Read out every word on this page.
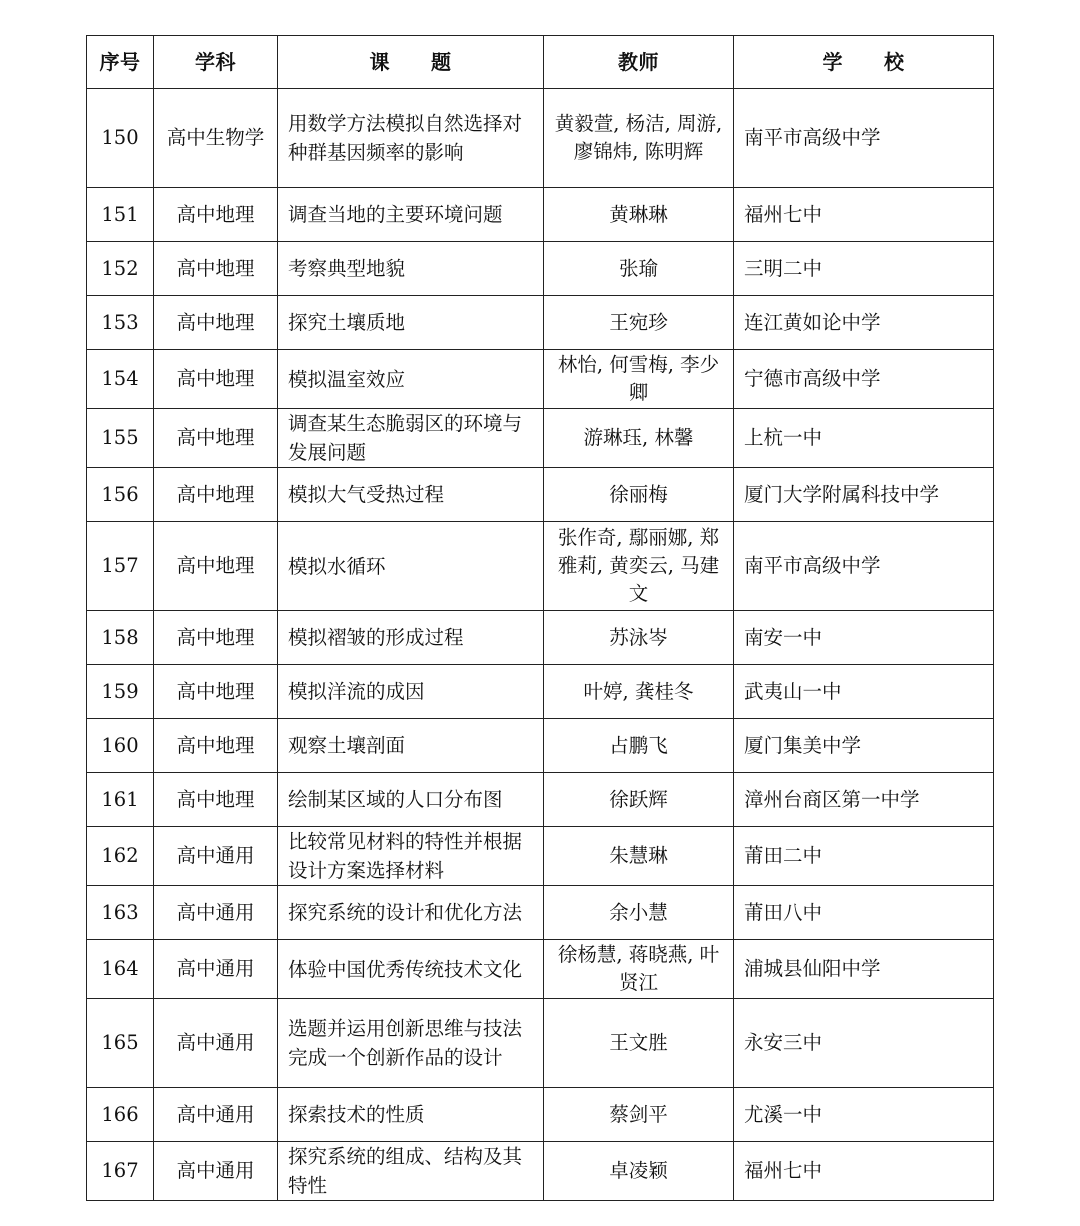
序号	学科	课　　题	教师	学　　校
150	高中生物学	用数学方法模拟自然选择对种群基因频率的影响	黄毅萱, 杨洁, 周游, 廖锦炜, 陈明辉	南平市高级中学
151	高中地理	调查当地的主要环境问题	黄琳琳	福州七中
152	高中地理	考察典型地貌	张瑜	三明二中
153	高中地理	探究土壤质地	王宛珍	连江黄如论中学
154	高中地理	模拟温室效应	林怡, 何雪梅, 李少卿	宁德市高级中学
155	高中地理	调查某生态脆弱区的环境与发展问题	游琳珏, 林馨	上杭一中
156	高中地理	模拟大气受热过程	徐丽梅	厦门大学附属科技中学
157	高中地理	模拟水循环	张作奇, 鄢丽娜, 郑雅莉, 黄奕云, 马建文	南平市高级中学
158	高中地理	模拟褶皱的形成过程	苏泳岑	南安一中
159	高中地理	模拟洋流的成因	叶婷, 龚桂冬	武夷山一中
160	高中地理	观察土壤剖面	占鹏飞	厦门集美中学
161	高中地理	绘制某区域的人口分布图	徐跃辉	漳州台商区第一中学
162	高中通用	比较常见材料的特性并根据设计方案选择材料	朱慧琳	莆田二中
163	高中通用	探究系统的设计和优化方法	余小慧	莆田八中
164	高中通用	体验中国优秀传统技术文化	徐杨慧, 蒋晓燕, 叶贤江	浦城县仙阳中学
165	高中通用	选题并运用创新思维与技法完成一个创新作品的设计	王文胜	永安三中
166	高中通用	探索技术的性质	蔡剑平	尤溪一中
167	高中通用	探究系统的组成、结构及其特性	卓凌颖	福州七中
